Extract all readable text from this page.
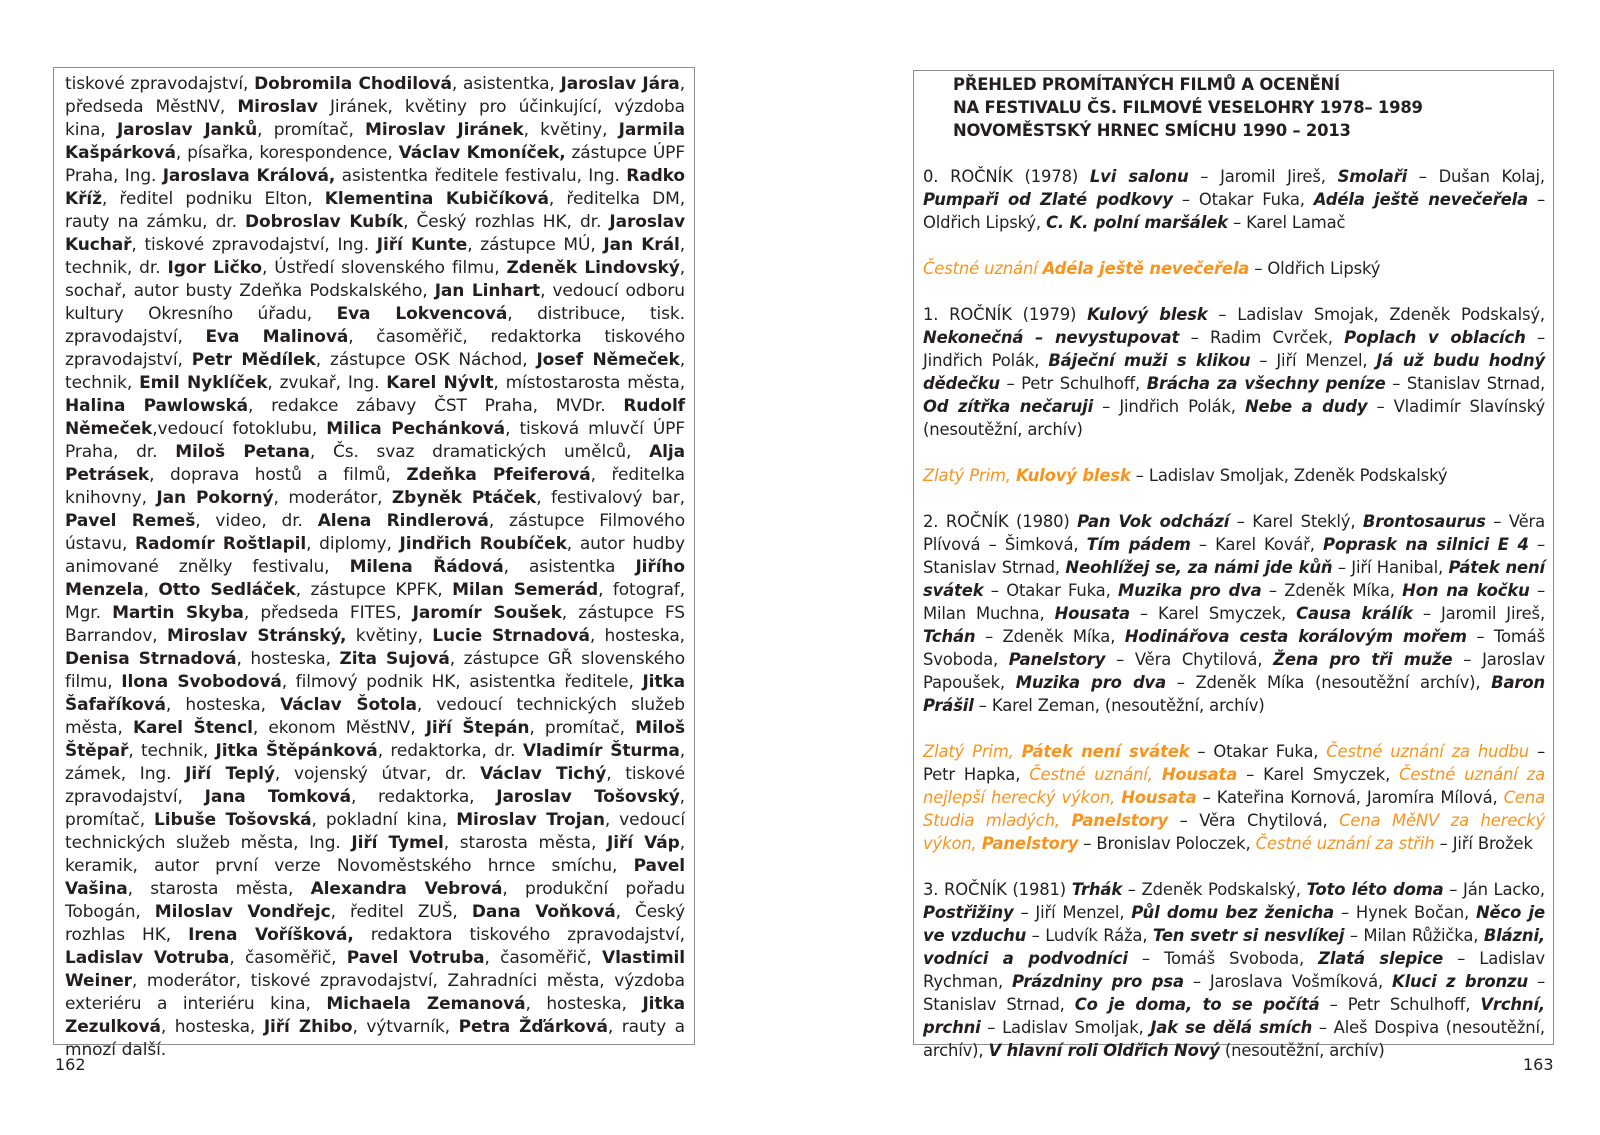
tiskové zpravodajství, Dobromila Chodilová, asistentka, Jaroslav Jára, předseda MěstNV, Miroslav Jiránek, květiny pro účinkující, výzdoba kina, Jaroslav Janků, promítač, Miroslav Jiránek, květiny, Jarmila Kašpárková, písařka, korespondence, Václav Kmoníček, zástupce ÚPF Praha, Ing. Jaroslava Králová, asistentka ředitele festivalu, Ing. Radko Kříž, ředitel podniku Elton, Klementina Kubičíková, ředitelka DM, rauty na zámku, dr. Dobroslav Kubík, Český rozhlas HK, dr. Jaroslav Kuchař, tiskové zpravodajství, Ing. Jiří Kunte, zástupce MÚ, Jan Král, technik, dr. Igor Ličko, Ústředí slovenského filmu, Zdeněk Lindovský, sochař, autor busty Zdeňka Podskalského, Jan Linhart, vedoucí odboru kultury Okresního úřadu, Eva Lokvencová, distribuce, tisk. zpravodajství, Eva Malinová, časoměřič, redaktorka tiskového zpravodajství, Petr Mědílek, zástupce OSK Náchod, Josef Němeček, technik, Emil Nyklíček, zvukař, Ing. Karel Nývlt, místostarosta města, Halina Pawlowská, redakce zábavy ČST Praha, MVDr. Rudolf Němeček,vedoucí fotoklubu, Milica Pechánková, tisková mluvčí ÚPF Praha, dr. Miloš Petana, Čs. svaz dramatických umělců, Alja Petrásek, doprava hostů a filmů, Zdeňka Pfeiferová, ředitelka knihovny, Jan Pokorný, moderátor, Zbyněk Ptáček, festivalový bar, Pavel Remeš, video, dr. Alena Rindlerová, zástupce Filmového ústavu, Radomír Roštlapil, diplomy, Jindřich Roubíček, autor hudby animované znělky festivalu, Milena Řádová, asistentka Jiřího Menzela, Otto Sedláček, zástupce KPFK, Milan Semerád, fotograf, Mgr. Martin Skyba, předseda FITES, Jaromír Soušek, zástupce FS Barrandov, Miroslav Stránský, květiny, Lucie Strnadová, hosteska, Denisa Strnadová, hosteska, Zita Sujová, zástupce GŘ slovenského filmu, Ilona Svobodová, filmový podnik HK, asistentka ředitele, Jitka Šafaříková, hosteska, Václav Šotola, vedoucí technických služeb města, Karel Štencl, ekonom MěstNV, Jiří Štepán, promítač, Miloš Štěpař, technik, Jitka Štěpánková, redaktorka, dr. Vladimír Šturma, zámek, Ing. Jiří Teplý, vojenský útvar, dr. Václav Tichý, tiskové zpravodajství, Jana Tomková, redaktorka, Jaroslav Tošovský, promítač, Libuše Tošovská, pokladní kina, Miroslav Trojan, vedoucí technických služeb města, Ing. Jiří Tymel, starosta města, Jiří Váp, keramik, autor první verze Novoměstského hrnce smíchu, Pavel Vašina, starosta města, Alexandra Vebrová, produkční pořadu Tobogán, Miloslav Vondřejc, ředitel ZUŠ, Dana Voňková, Český rozhlas HK, Irena Voříšková, redaktora tiskového zpravodajství, Ladislav Votruba, časoměřič, Pavel Votruba, časoměřič, Vlastimil Weiner, moderátor, tiskové zpravodajství, Zahradníci města, výzdoba exteriéru a interiéru kina, Michaela Zemanová, hosteska, Jitka Zezulková, hosteska, Jiří Zhibo, výtvarník, Petra Žďárková, rauty a mnozí další.

PŘEHLED PROMÍTANÝCH FILMŮ A OCENĚNÍ

NA FESTIVALU ČS. FILMOVÉ VESELOHRY 1978– 1989

NOVOMĚSTSKÝ HRNEC SMÍCHU 1990 – 2013

0. ROČNÍK (1978) Lvi salonu – Jaromil Jireš, Smolaři – Dušan Kolaj, Pumpaři od Zlaté podkovy – Otakar Fuka, Adéla ještě nevečeřela – Oldřich Lipský, C. K. polní maršálek – Karel Lamač

Čestné uznání Adéla ještě nevečeřela – Oldřich Lipský

1. ROČNÍK (1979) Kulový blesk – Ladislav Smojak, Zdeněk Podskalsý, Nekonečná – nevystupovat – Radim Cvrček, Poplach v oblacích – Jindřich Polák, Báječní muži s klikou – Jiří Menzel, Já už budu hodný dědečku – Petr Schulhoff, Brácha za všechny peníze – Stanislav Strnad, Od zítřka nečaruji – Jindřich Polák, Nebe a dudy – Vladimír Slavínský (nesoutěžní, archív)

Zlatý Prim, Kulový blesk – Ladislav Smoljak, Zdeněk Podskalský

2. ROČNÍK (1980) Pan Vok odchází – Karel Steklý, Brontosaurus – Věra Plívová – Šimková, Tím pádem – Karel Kovář, Poprask na silnici E 4 – Stanislav Strnad, Neohlížej se, za námi jde kůň – Jiří Hanibal, Pátek není svátek – Otakar Fuka, Muzika pro dva – Zdeněk Míka, Hon na kočku – Milan Muchna, Housata – Karel Smyczek, Causa králík – Jaromil Jireš, Tchán – Zdeněk Míka, Hodinářova cesta korálovým mořem – Tomáš Svoboda, Panelstory – Věra Chytilová, Žena pro tři muže – Jaroslav Papoušek, Muzika pro dva – Zdeněk Míka (nesoutěžní archív), Baron Prášil – Karel Zeman, (nesoutěžní, archív)

Zlatý Prim, Pátek není svátek – Otakar Fuka, Čestné uznání za hudbu – Petr Hapka, Čestné uznání, Housata – Karel Smyczek, Čestné uznání za nejlepší herecký výkon, Housata – Kateřina Kornová, Jaromíra Mílová, Cena Studia mladých, Panelstory – Věra Chytilová, Cena MěNV za herecký výkon, Panelstory – Bronislav Poloczek, Čestné uznání za střih – Jiří Brožek

3. ROČNÍK (1981) Trhák – Zdeněk Podskalský, Toto léto doma – Ján Lacko, Postřižiny – Jiří Menzel, Půl domu bez ženicha – Hynek Bočan, Něco je ve vzduchu – Ludvík Ráža, Ten svetr si nesvlíkej – Milan Růžička, Blázni, vodníci a podvodníci – Tomáš Svoboda, Zlatá slepice – Ladislav Rychman, Prázdniny pro psa – Jaroslava Vošmíková, Kluci z bronzu – Stanislav Strnad, Co je doma, to se počítá – Petr Schulhoff, Vrchní, prchni – Ladislav Smoljak, Jak se dělá smích – Aleš Dospiva (nesoutěžní, archív), V hlavní roli Oldřich Nový (nesoutěžní, archív)

162	163
